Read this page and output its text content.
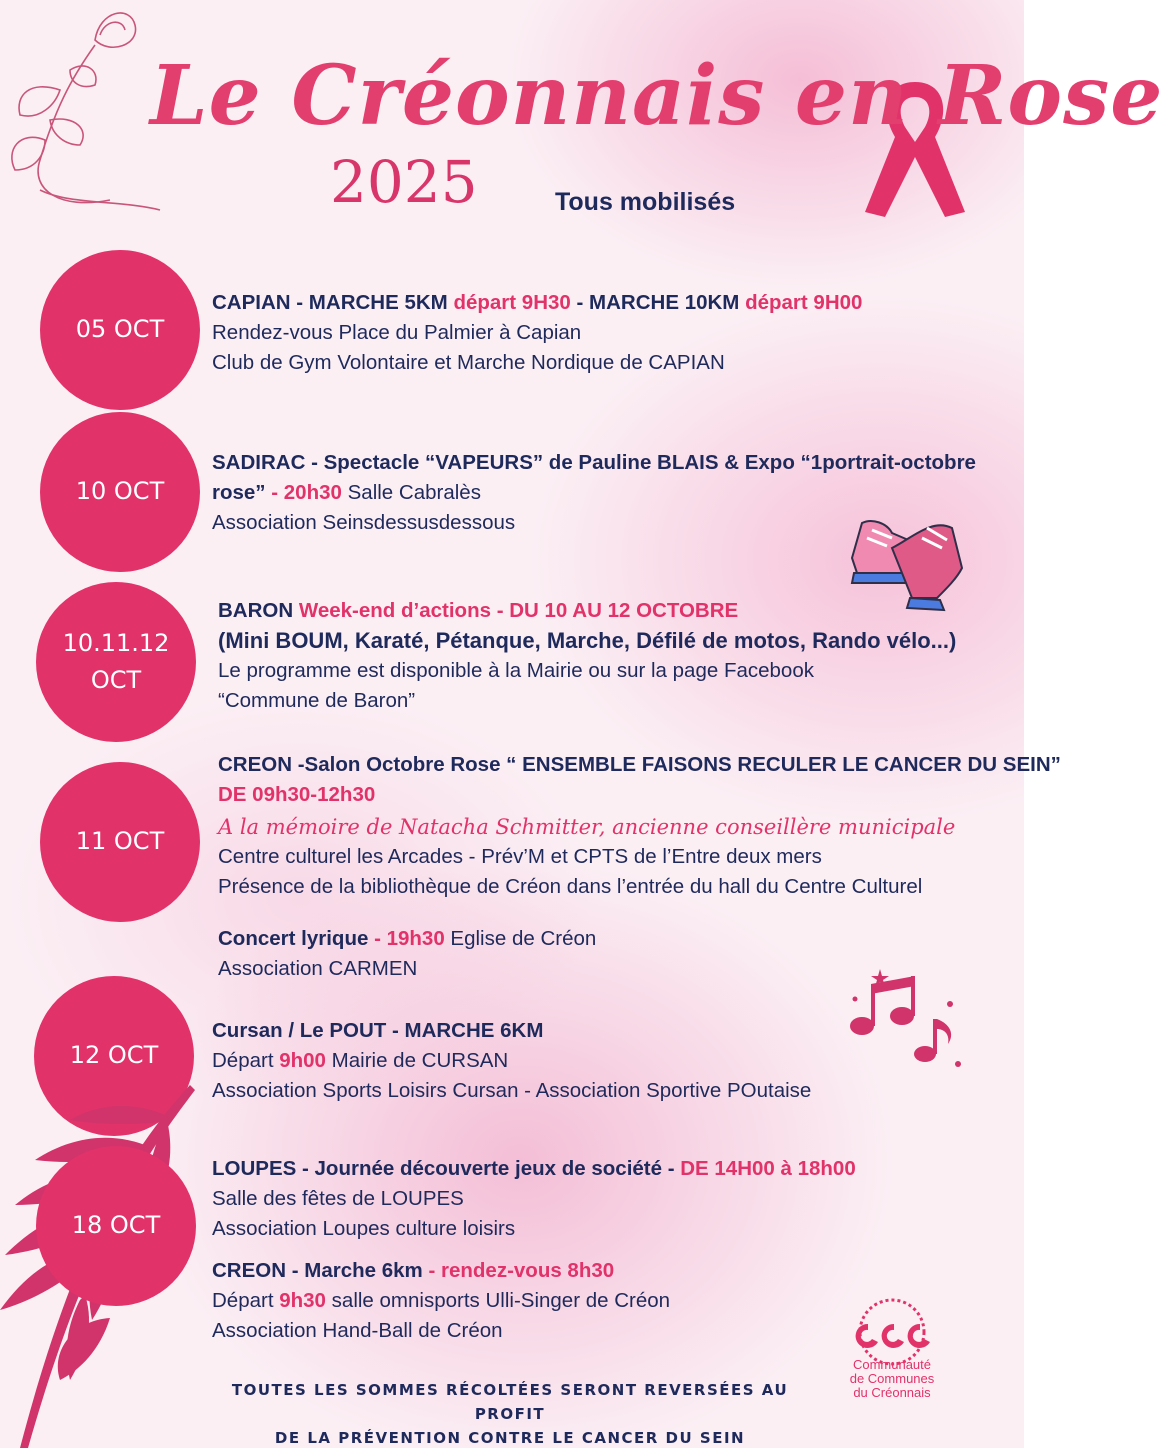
Le Créonnais en Rose
2025	Tous mobilisés
05 OCT
CAPIAN - MARCHE 5KM départ 9H30 - MARCHE 10KM départ 9H00
Rendez-vous Place du Palmier à Capian
Club de Gym Volontaire et Marche Nordique de CAPIAN
10 OCT
SADIRAC - Spectacle “VAPEURS” de Pauline BLAIS & Expo “1portrait-octobre
rose” - 20h30 Salle Cabralès
Association Seinsdessusdessous
10.11.12
OCT
BARON Week-end d’actions - DU 10 AU 12 OCTOBRE
(Mini BOUM, Karaté, Pétanque, Marche, Défilé de motos, Rando vélo...)
Le programme est disponible à la Mairie ou sur la page Facebook
“Commune de Baron”
11 OCT
CREON -Salon Octobre Rose “ ENSEMBLE FAISONS RECULER LE CANCER DU SEIN”
DE 09h30-12h30
A la mémoire de Natacha Schmitter, ancienne conseillère municipale
Centre culturel les Arcades - Prév’M et CPTS de l’Entre deux mers
Présence de la bibliothèque de Créon dans l’entrée du hall du Centre Culturel
Concert lyrique - 19h30 Eglise de Créon
Association CARMEN
12 OCT
Cursan / Le POUT - MARCHE 6KM
Départ 9h00 Mairie de CURSAN
Association Sports Loisirs Cursan - Association Sportive POutaise
18 OCT
LOUPES - Journée découverte jeux de société - DE 14H00 à 18h00
Salle des fêtes de LOUPES
Association Loupes culture loisirs
CREON - Marche 6km - rendez-vous 8h30
Départ 9h30 salle omnisports Ulli-Singer de Créon
Association Hand-Ball de Créon
Communauté
de Communes
du Créonnais
TOUTES LES SOMMES RÉCOLTÉES SERONT REVERSÉES AU PROFIT
DE LA PRÉVENTION CONTRE LE CANCER DU SEIN
